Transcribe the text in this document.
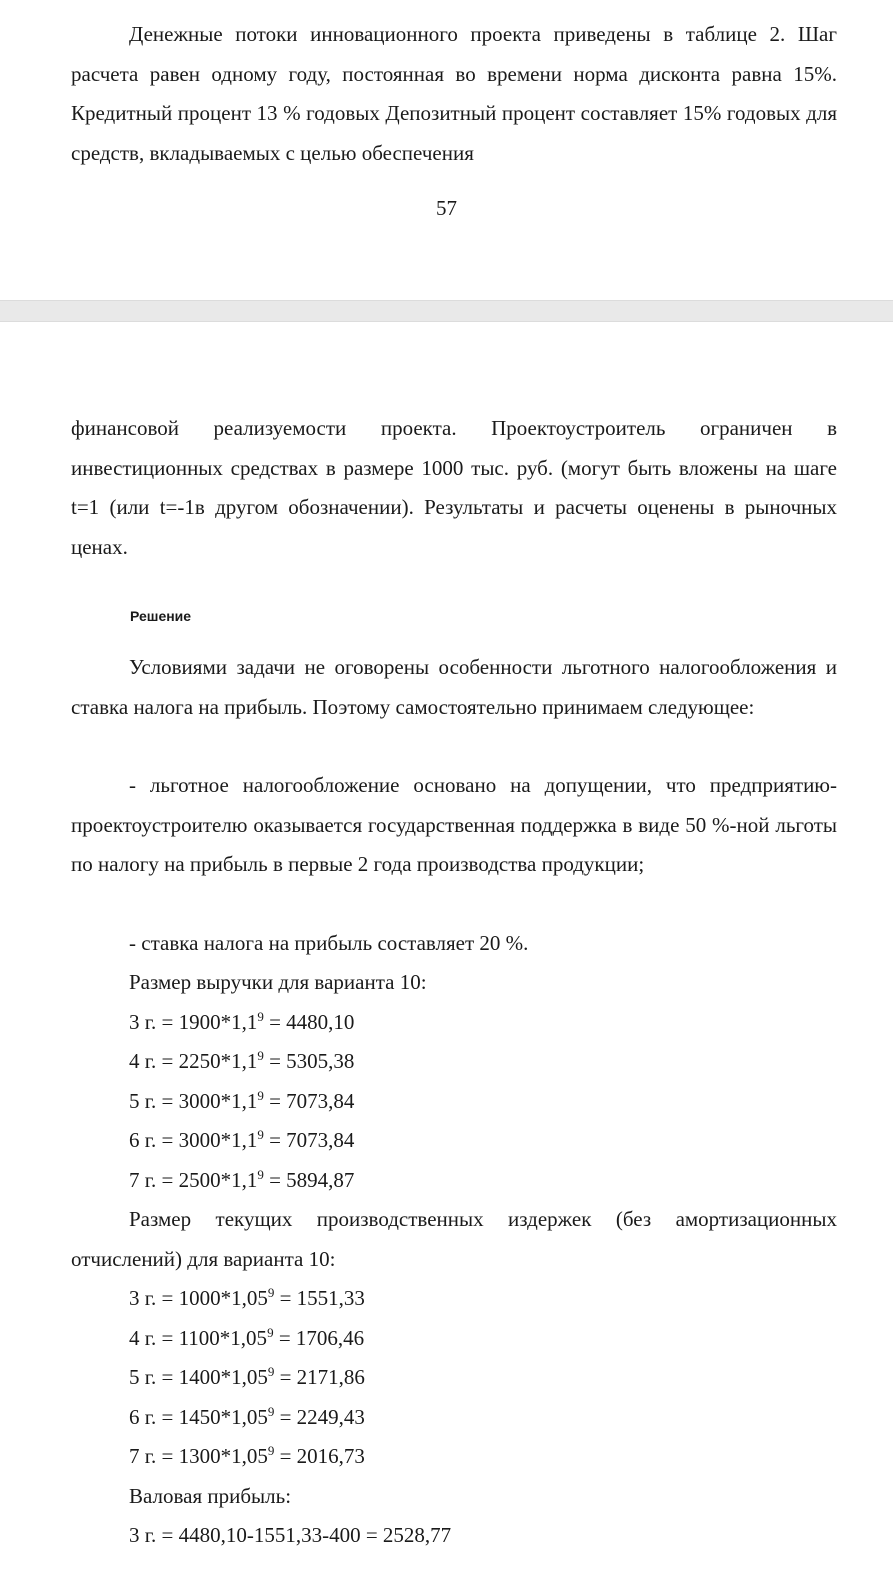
Денежные потоки инновационного проекта приведены в таблице 2. Шаг расчета равен одному году, постоянная во времени норма дисконта равна 15%. Кредитный процент 13 % годовых Депозитный процент составляет 15% годовых для средств, вкладываемых с целью обеспечения

57

финансовой реализуемости проекта. Проектоустроитель ограничен в инвестиционных средствах в размере 1000 тыс. руб. (могут быть вложены на шаге t=1 (или t=-1в другом обозначении). Результаты и расчеты оценены в рыночных ценах.

Решение

Условиями задачи не оговорены особенности льготного налогообложения и ставка налога на прибыль. Поэтому самостоятельно принимаем следующее:

- льготное налогообложение основано на допущении, что предприятию-проектоустроителю оказывается государственная поддержка в виде 50 %-ной льготы по налогу на прибыль в первые 2 года производства продукции;

- ставка налога на прибыль составляет 20 %.

Размер выручки для варианта 10:
3 г. = $1900*1,1^9 = 4480,10$
4 г. = $2250*1,1^9 = 5305,38$
5 г. = $3000*1,1^9 = 7073,84$
6 г. = $3000*1,1^9 = 7073,84$
7 г. = $2500*1,1^9 = 5894,87$

Размер текущих производственных издержек (без амортизационных отчислений) для варианта 10:

3 г. = $1000*1,05^9 = 1551,33$
4 г. = $1100*1,05^9 = 1706,46$
5 г. = $1400*1,05^9 = 2171,86$
6 г. = $1450*1,05^9 = 2249,43$
7 г. = $1300*1,05^9 = 2016,73$
Валовая прибыль:
3 г. = 4480,10-1551,33-400 = 2528,77
